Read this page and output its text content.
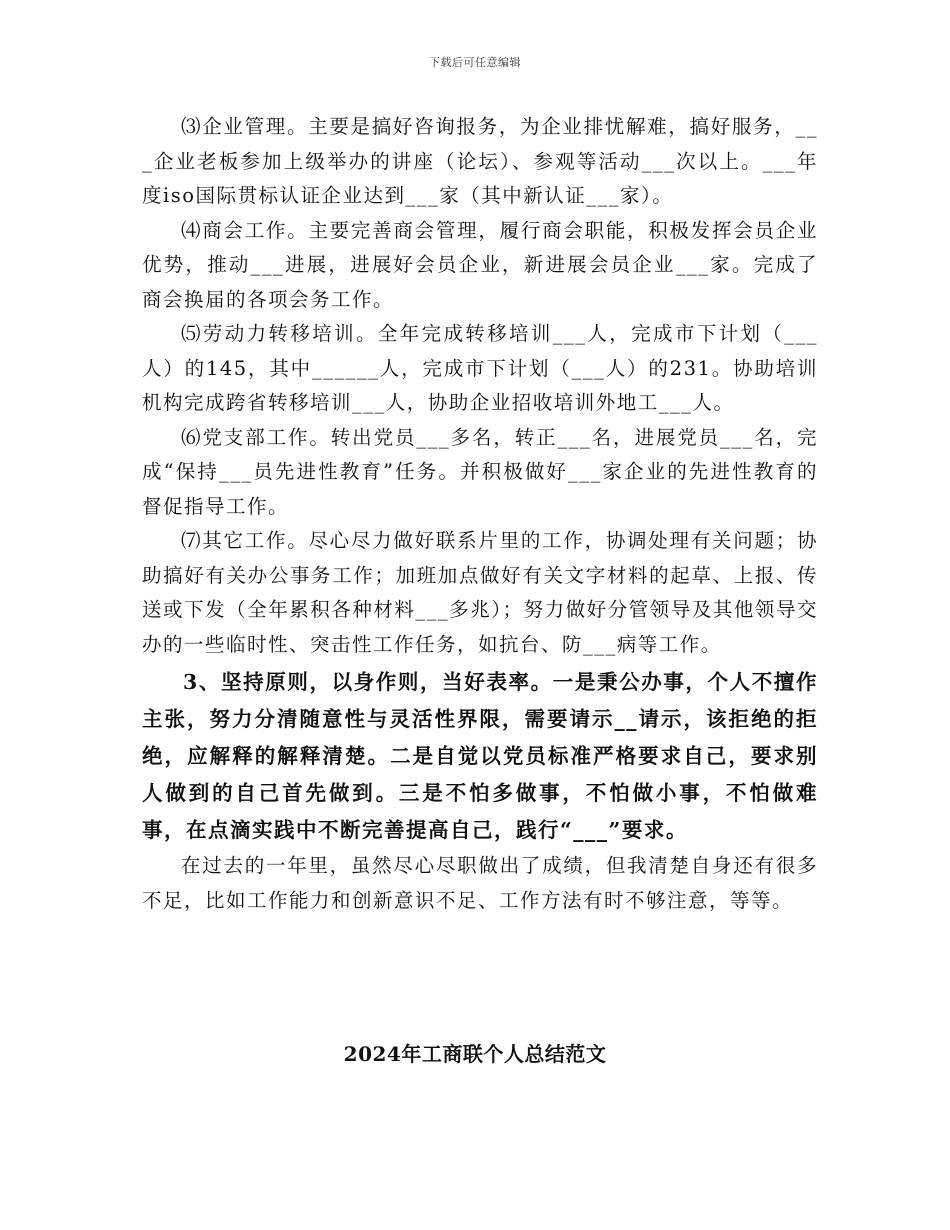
下载后可任意编辑

⑶企业管理。主要是搞好咨询报务，为企业排忧解难，搞好服务，___企业老板参加上级举办的讲座（论坛）、参观等活动___次以上。___年度iso国际贯标认证企业达到___家（其中新认证___家）。

⑷商会工作。主要完善商会管理，履行商会职能，积极发挥会员企业优势，推动___进展，进展好会员企业，新进展会员企业___家。完成了商会换届的各项会务工作。

⑸劳动力转移培训。全年完成转移培训___人，完成市下计划（___人）的145，其中______人，完成市下计划（___人）的231。协助培训机构完成跨省转移培训___人，协助企业招收培训外地工___人。

⑹党支部工作。转出党员___多名，转正___名，进展党员___名，完成“保持___员先进性教育”任务。并积极做好___家企业的先进性教育的督促指导工作。

⑺其它工作。尽心尽力做好联系片里的工作，协调处理有关问题；协助搞好有关办公事务工作；加班加点做好有关文字材料的起草、上报、传送或下发（全年累积各种材料___多兆）；努力做好分管领导及其他领导交办的一些临时性、突击性工作任务，如抗台、防___病等工作。

3、坚持原则，以身作则，当好表率。一是秉公办事，个人不擅作主张，努力分清随意性与灵活性界限，需要请示__请示，该拒绝的拒绝，应解释的解释清楚。二是自觉以党员标准严格要求自己，要求别人做到的自己首先做到。三是不怕多做事，不怕做小事，不怕做难事，在点滴实践中不断完善提高自己，践行“___”要求。

在过去的一年里，虽然尽心尽职做出了成绩，但我清楚自身还有很多不足，比如工作能力和创新意识不足、工作方法有时不够注意，等等。

2024年工商联个人总结范文
